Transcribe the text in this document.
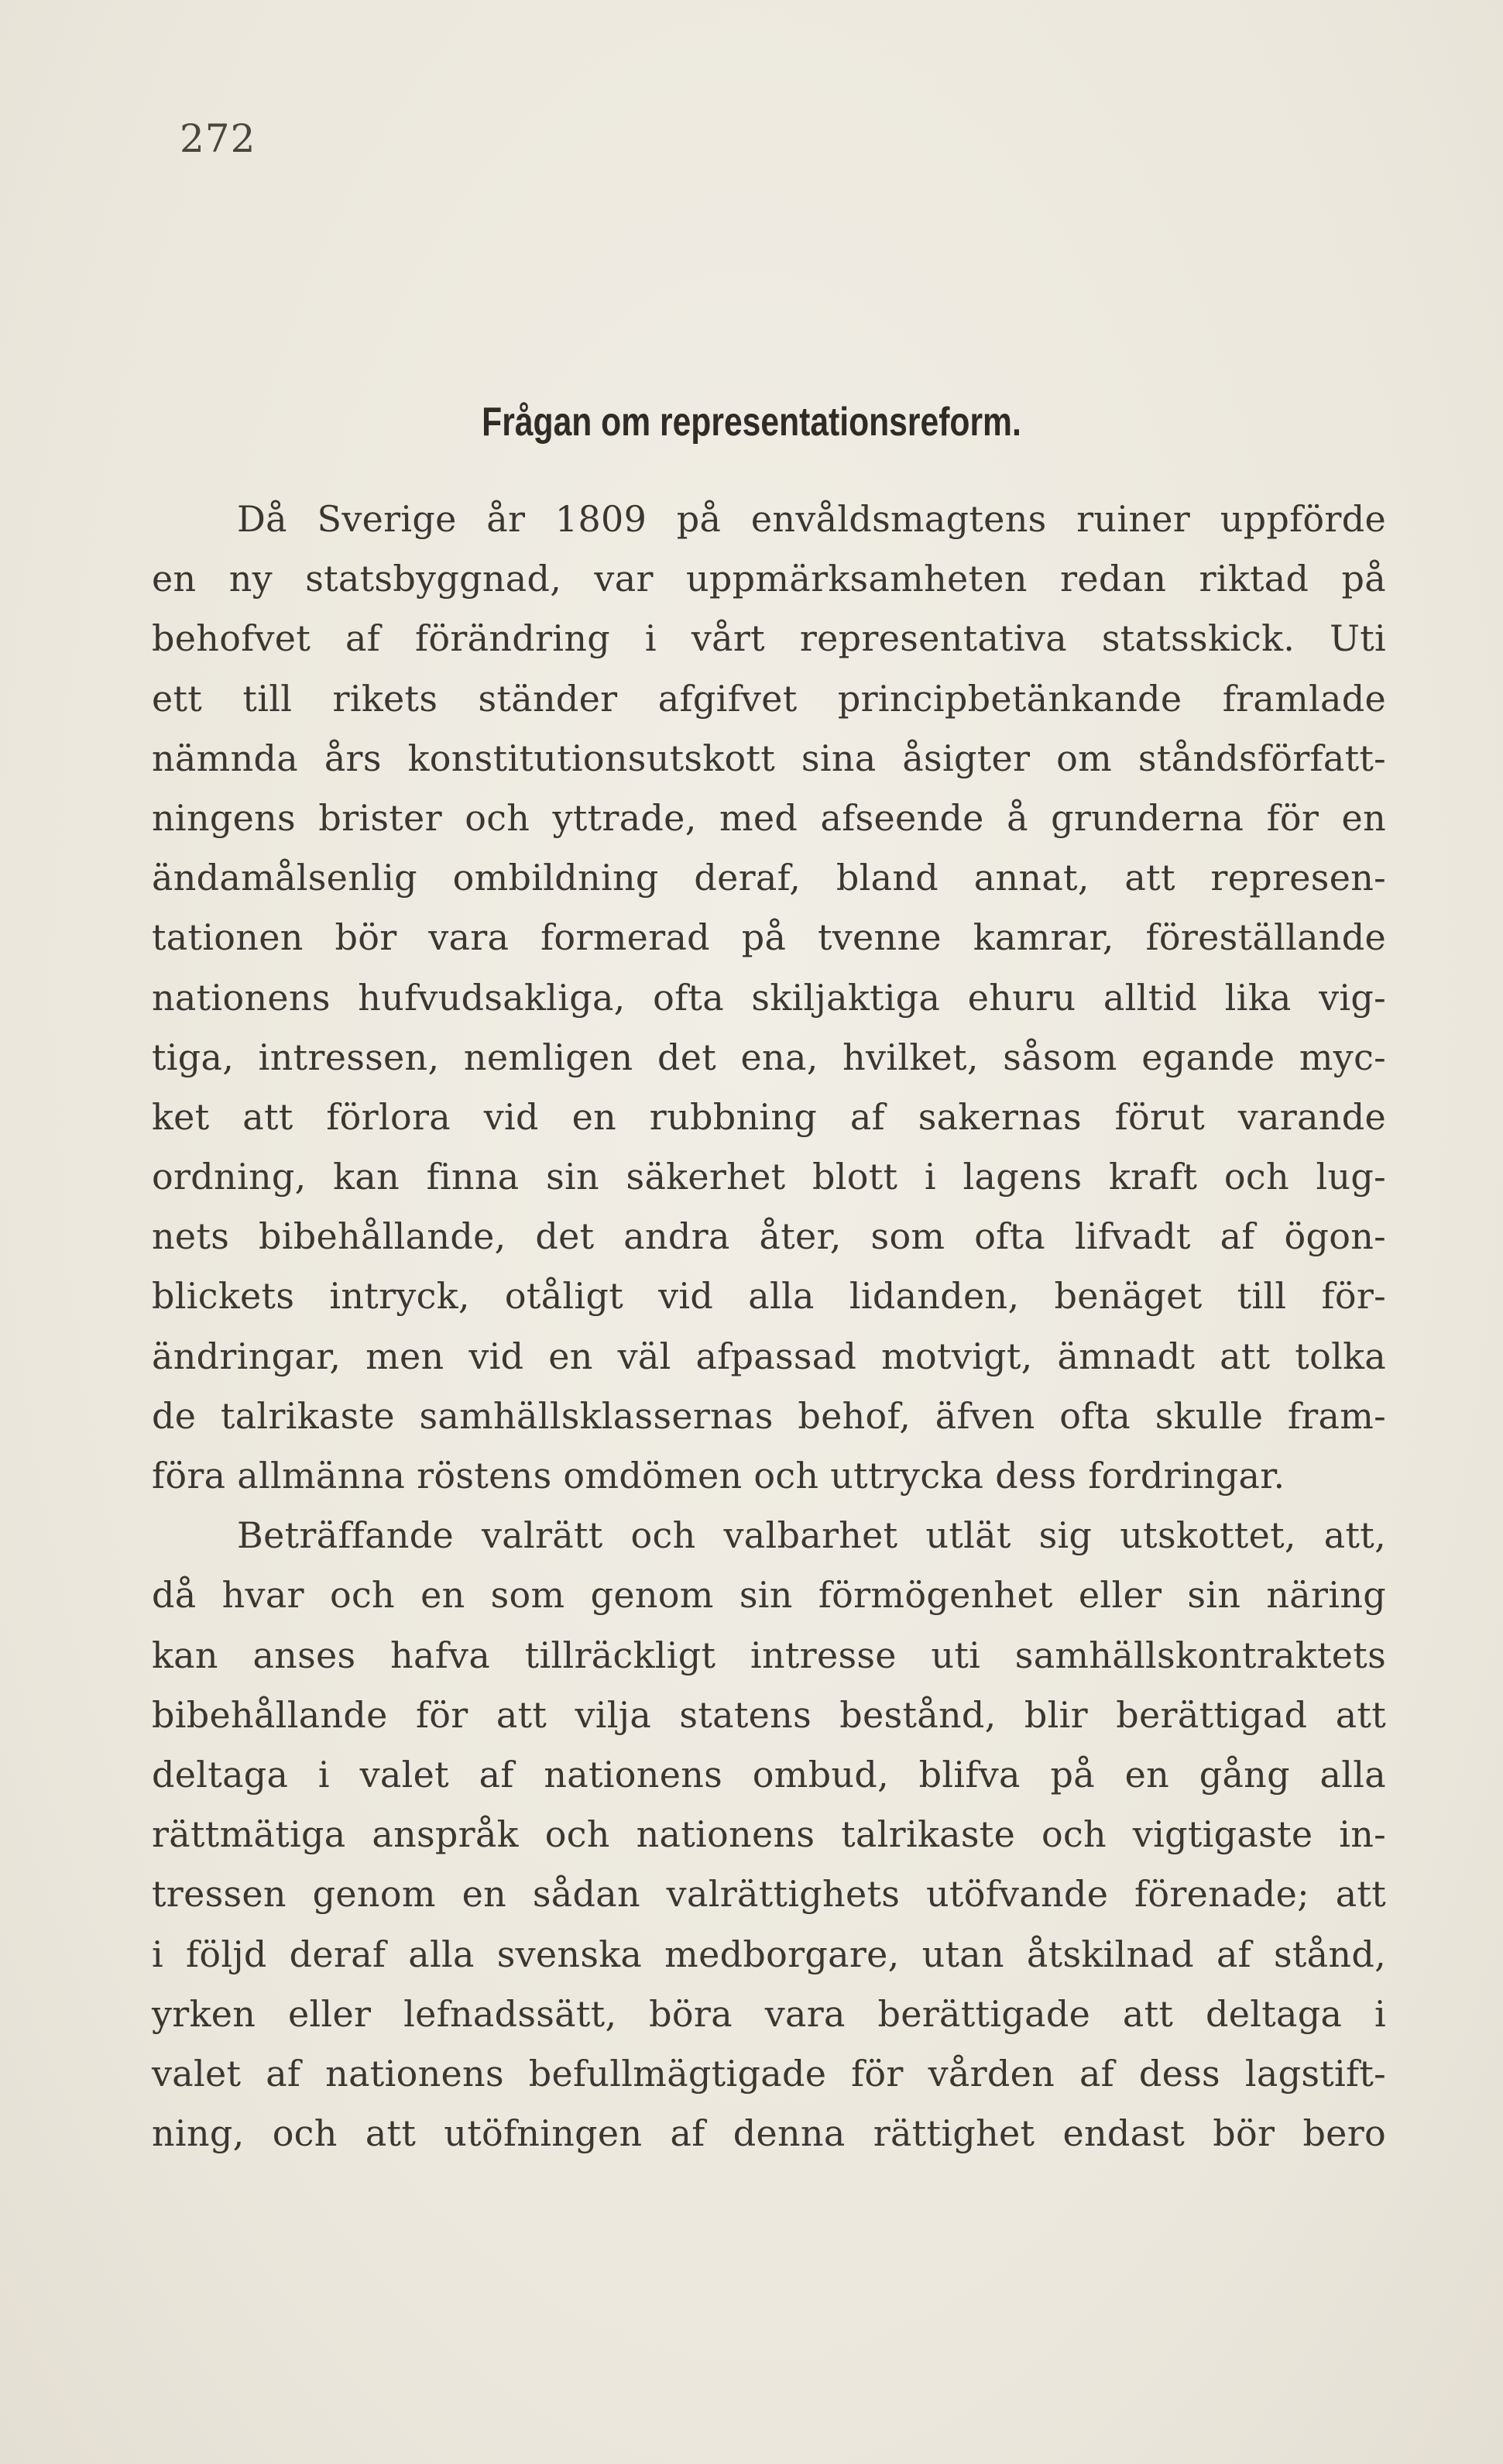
272
Frågan om representationsreform.
Då Sverige år 1809 på envåldsmagtens ruiner uppförde
en ny statsbyggnad, var uppmärksamheten redan riktad på
behofvet af förändring i vårt representativa statsskick. Uti
ett till rikets ständer afgifvet principbetänkande framlade
nämnda års konstitutionsutskott sina åsigter om ståndsförfatt-
ningens brister och yttrade, med afseende å grunderna för en
ändamålsenlig ombildning deraf, bland annat, att represen-
tationen bör vara formerad på tvenne kamrar, föreställande
nationens hufvudsakliga, ofta skiljaktiga ehuru alltid lika vig-
tiga, intressen, nemligen det ena, hvilket, såsom egande myc-
ket att förlora vid en rubbning af sakernas förut varande
ordning, kan finna sin säkerhet blott i lagens kraft och lug-
nets bibehållande, det andra åter, som ofta lifvadt af ögon-
blickets intryck, otåligt vid alla lidanden, benäget till för-
ändringar, men vid en väl afpassad motvigt, ämnadt att tolka
de talrikaste samhällsklassernas behof, äfven ofta skulle fram-
föra allmänna röstens omdömen och uttrycka dess fordringar.
Beträffande valrätt och valbarhet utlät sig utskottet, att,
då hvar och en som genom sin förmögenhet eller sin näring
kan anses hafva tillräckligt intresse uti samhällskontraktets
bibehållande för att vilja statens bestånd, blir berättigad att
deltaga i valet af nationens ombud, blifva på en gång alla
rättmätiga anspråk och nationens talrikaste och vigtigaste in-
tressen genom en sådan valrättighets utöfvande förenade; att
i följd deraf alla svenska medborgare, utan åtskilnad af stånd,
yrken eller lefnadssätt, böra vara berättigade att deltaga i
valet af nationens befullmägtigade för vården af dess lagstift-
ning, och att utöfningen af denna rättighet endast bör bero
